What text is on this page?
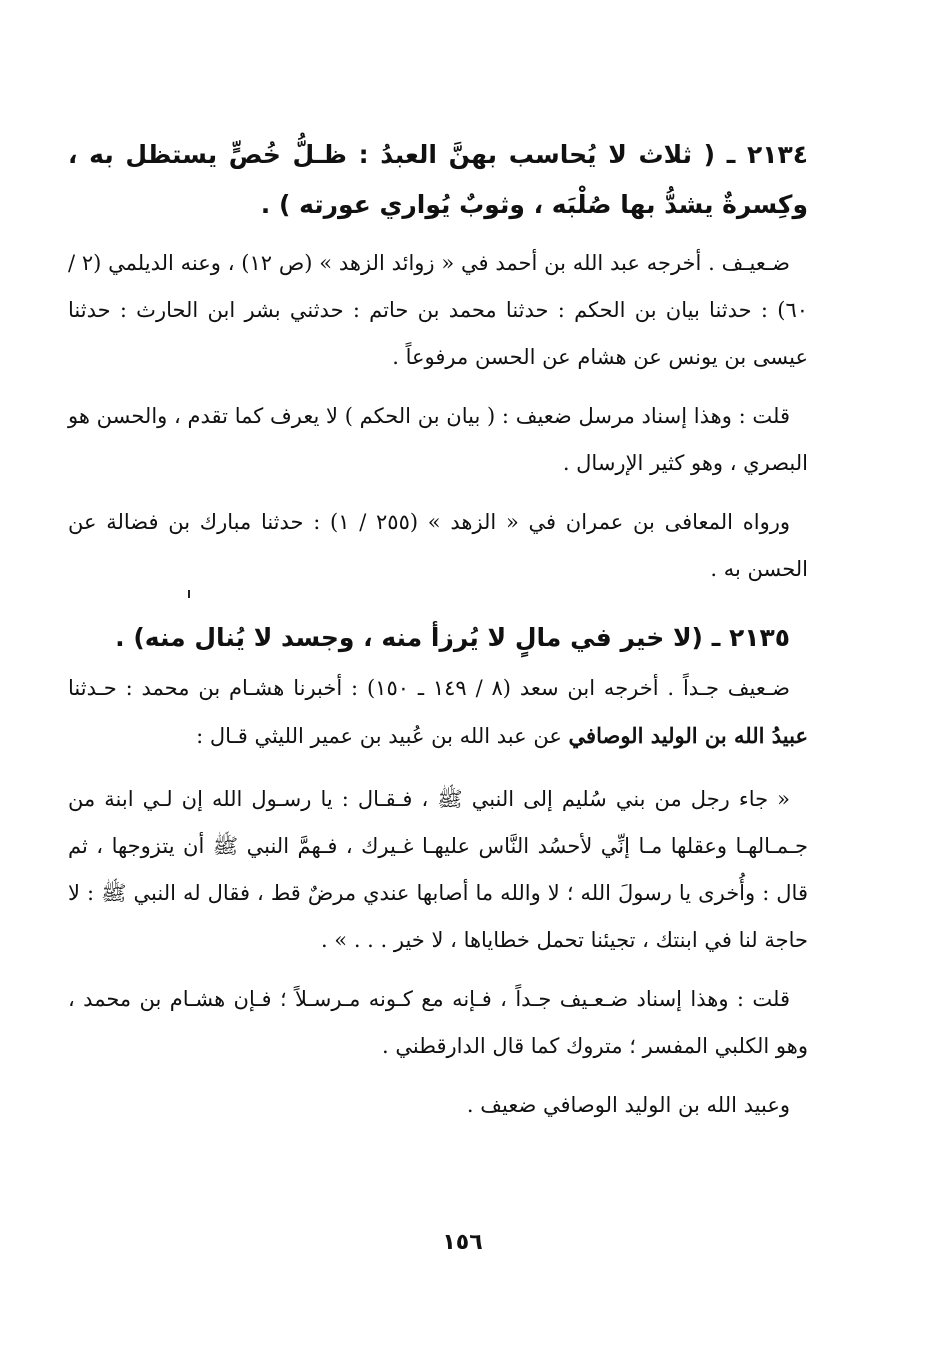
٢١٣٤ ـ ( ثلاث لا يُحاسب بهنَّ العبدُ : ظـلُّ خُصٍّ يستظل به ، وكِسرةٌ يشدُّ بها صُلْبَه ، وثوبٌ يُواري عورته ) .

ضـعيـف . أخرجه عبد الله بن أحمد في « زوائد الزهد » (ص ١٢) ، وعنه الديلمي (٢ / ٦٠) : حدثنا بيان بن الحكم : حدثنا محمد بن حاتم : حدثني بشر ابن الحارث : حدثنا عيسى بن يونس عن هشام عن الحسن مرفوعاً .

قلت : وهذا إسناد مرسل ضعيف : ( بيان بن الحكم ) لا يعرف كما تقدم ، والحسن هو البصري ، وهو كثير الإرسال .

ورواه المعافى بن عمران في « الزهد » (٢٥٥ / ١) : حدثنا مبارك بن فضالة عن الحسن به .

٢١٣٥ ـ (لا خير في مالٍ لا يُرزأ منه ، وجسد لا يُنال منه) .

ضـعيف جـداً . أخرجه ابن سعد (٨ / ١٤٩ ـ ١٥٠) : أخبرنا هشـام بن محمد : حـدثنا عبيدُ الله بن الوليد الوصافي عن عبد الله بن عُبيد بن عمير الليثي قـال :

« جاء رجل من بني سُليم إلى النبي ﷺ ، فـقـال : يا رسـول الله إن لـي ابنة من جـمـالهـا وعقلها مـا إنِّي لأحسُد النَّاس عليهـا غـيرك ، فـهمَّ النبي ﷺ أن يتزوجها ، ثم قال : وأُخرى يا رسولَ الله ؛ لا والله ما أصابها عندي مرضٌ قط ، فقال له النبي ﷺ : لا حاجة لنا في ابنتك ، تجيئنا تحمل خطاياها ، لا خير . . . » .

قلت : وهذا إسناد ضـعـيف جـداً ، فـإنه مع كـونه مـرسـلاً ؛ فـإن هشـام بن محمد ، وهو الكلبي المفسر ؛ متروك كما قال الدارقطني .

وعبيد الله بن الوليد الوصافي ضعيف .

١٥٦
